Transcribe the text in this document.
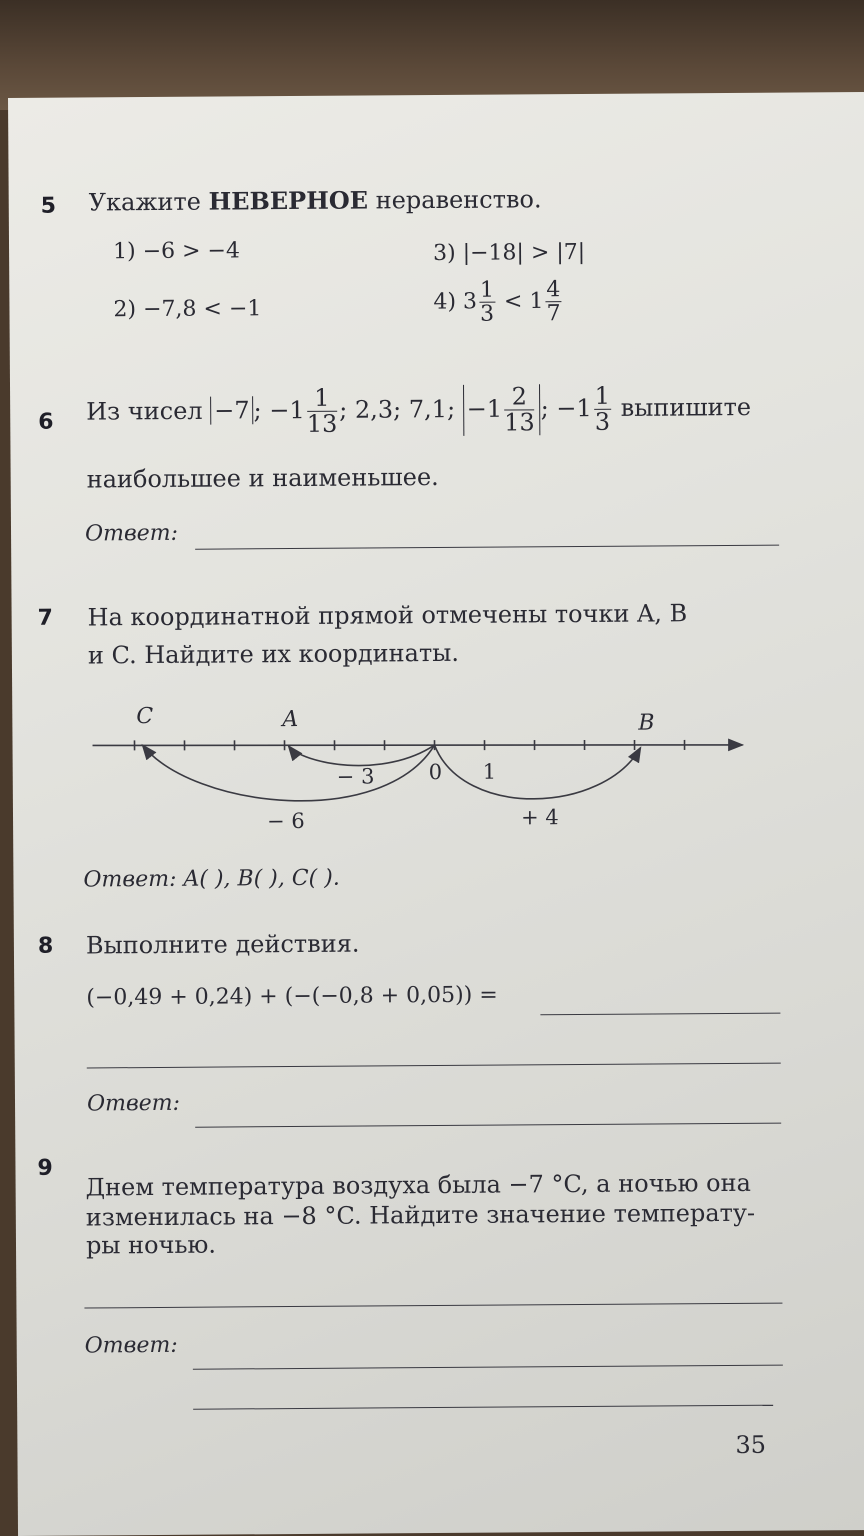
5 Укажите НЕВЕРНОЕ неравенство.
1) −6 > −4	3) |−18| > |7|
2) −7,8 < −1	4) $3 \frac{1}{3} < 1 \frac{4}{7}$
6 Из чисел −7 ; $-1 \frac{1}{13}$ ; 2,3; 7,1; $-1 \frac{2}{13}$ ; $-1 \frac{1}{3}$ выпишите
наибольшее и наименьшее.
Ответ:
7 На координатной прямой отмечены точки A, B
и C. Найдите их координаты.
C	A	B
− 3	0 1
− 6	+ 4
Ответ: A( ), B( ), C( ).
8 Выполните действия.
(−0,49 + 0,24) + (−(−0,8 + 0,05)) =
Ответ:
9
Днем температура воздуха была −7 °C, а ночью она
изменилась на −8 °C. Найдите значение температу-
ры ночью.
Ответ:
35
